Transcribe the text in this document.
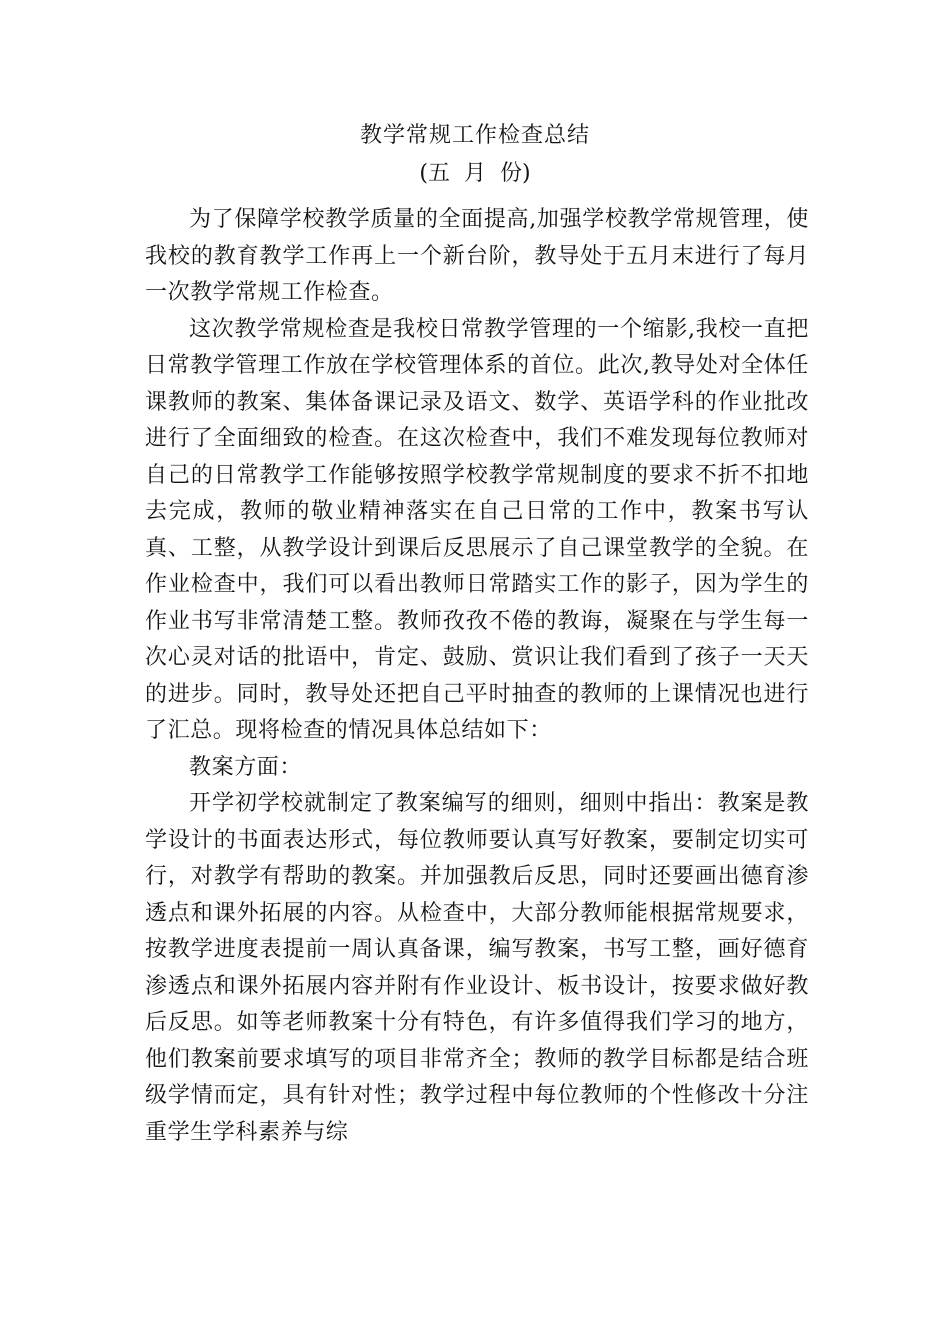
教学常规工作检查总结
(五  月  份)

为了保障学校教学质量的全面提高,加强学校教学常规管理，使我校的教育教学工作再上一个新台阶，教导处于五月末进行了每月一次教学常规工作检查。

这次教学常规检查是我校日常教学管理的一个缩影,我校一直把日常教学管理工作放在学校管理体系的首位。此次,教导处对全体任课教师的教案、集体备课记录及语文、数学、英语学科的作业批改进行了全面细致的检查。在这次检查中，我们不难发现每位教师对自己的日常教学工作能够按照学校教学常规制度的要求不折不扣地去完成，教师的敬业精神落实在自己日常的工作中，教案书写认真、工整，从教学设计到课后反思展示了自己课堂教学的全貌。在作业检查中，我们可以看出教师日常踏实工作的影子，因为学生的作业书写非常清楚工整。教师孜孜不倦的教诲，凝聚在与学生每一次心灵对话的批语中，肯定、鼓励、赏识让我们看到了孩子一天天的进步。同时，教导处还把自己平时抽查的教师的上课情况也进行了汇总。现将检查的情况具体总结如下：

教案方面：

开学初学校就制定了教案编写的细则，细则中指出：教案是教学设计的书面表达形式，每位教师要认真写好教案，要制定切实可行，对教学有帮助的教案。并加强教后反思，同时还要画出德育渗透点和课外拓展的内容。从检查中，大部分教师能根据常规要求，按教学进度表提前一周认真备课，编写教案，书写工整，画好德育渗透点和课外拓展内容并附有作业设计、板书设计，按要求做好教后反思。如等老师教案十分有特色，有许多值得我们学习的地方，他们教案前要求填写的项目非常齐全；教师的教学目标都是结合班级学情而定，具有针对性；教学过程中每位教师的个性修改十分注重学生学科素养与综
